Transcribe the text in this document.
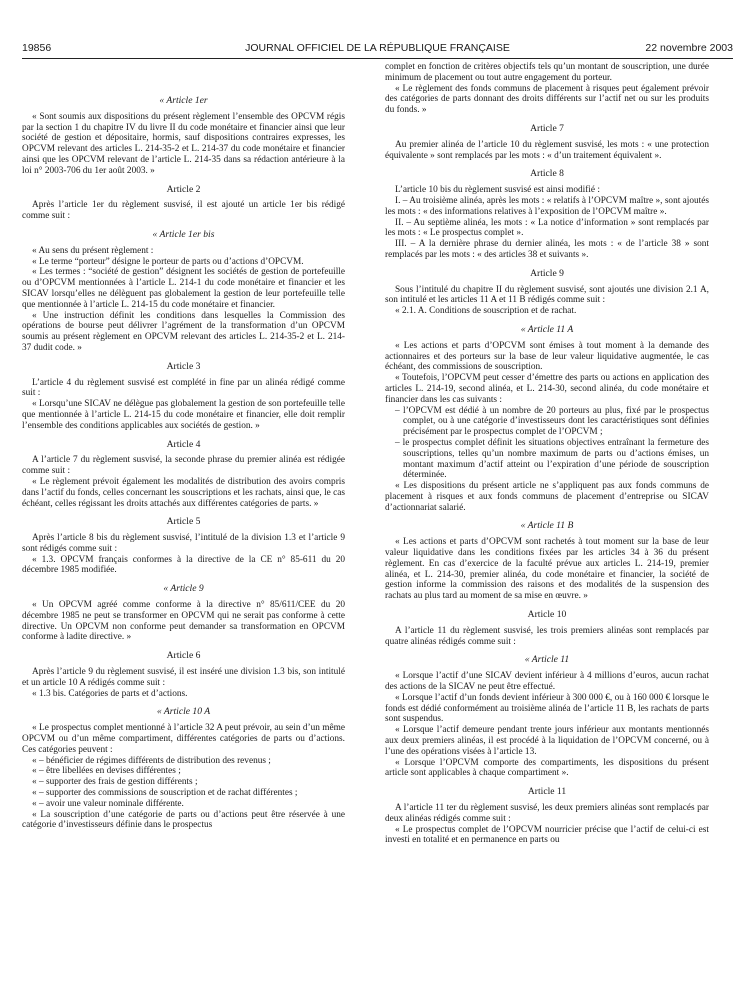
19856	JOURNAL OFFICIEL DE LA RÉPUBLIQUE FRANÇAISE	22 novembre 2003
« Article 1er

« Sont soumis aux dispositions du présent règlement l’ensemble des OPCVM régis par la section 1 du chapitre IV du livre II du code monétaire et financier ainsi que leur société de gestion et dépositaire, hormis, sauf dispositions contraires expresses, les OPCVM relevant des articles L. 214-35-2 et L. 214-37 du code monétaire et financier ainsi que les OPCVM relevant de l’article L. 214-35 dans sa rédaction antérieure à la loi n° 2003-706 du 1er août 2003. »

Article 2

Après l’article 1er du règlement susvisé, il est ajouté un article 1er bis rédigé comme suit :

« Article 1er bis

« Au sens du présent règlement :

« Le terme “porteur” désigne le porteur de parts ou d’actions d’OPCVM.

« Les termes : “société de gestion” désignent les sociétés de gestion de portefeuille ou d’OPCVM mentionnées à l’article L. 214-1 du code monétaire et financier et les SICAV lorsqu’elles ne délèguent pas globalement la gestion de leur portefeuille telle que mentionnée à l’article L. 214-15 du code monétaire et financier.

« Une instruction définit les conditions dans lesquelles la Commission des opérations de bourse peut délivrer l’agrément de la transformation d’un OPCVM soumis au présent règlement en OPCVM relevant des articles L. 214-35-2 et L. 214-37 dudit code. »

Article 3

L’article 4 du règlement susvisé est complété in fine par un alinéa rédigé comme suit :

« Lorsqu’une SICAV ne délègue pas globalement la gestion de son portefeuille telle que mentionnée à l’article L. 214-15 du code monétaire et financier, elle doit remplir l’ensemble des conditions applicables aux sociétés de gestion. »

Article 4

A l’article 7 du règlement susvisé, la seconde phrase du premier alinéa est rédigée comme suit :

« Le règlement prévoit également les modalités de distribution des avoirs compris dans l’actif du fonds, celles concernant les souscriptions et les rachats, ainsi que, le cas échéant, celles régissant les droits attachés aux différentes catégories de parts. »

Article 5

Après l’article 8 bis du règlement susvisé, l’intitulé de la division 1.3 et l’article 9 sont rédigés comme suit :

« 1.3. OPCVM français conformes à la directive de la CE n° 85-611 du 20 décembre 1985 modifiée.

« Article 9

« Un OPCVM agréé comme conforme à la directive n° 85/611/CEE du 20 décembre 1985 ne peut se transformer en OPCVM qui ne serait pas conforme à cette directive. Un OPCVM non conforme peut demander sa transformation en OPCVM conforme à ladite directive. »

Article 6

Après l’article 9 du règlement susvisé, il est inséré une division 1.3 bis, son intitulé et un article 10 A rédigés comme suit :

« 1.3 bis. Catégories de parts et d’actions.

« Article 10 A

« Le prospectus complet mentionné à l’article 32 A peut prévoir, au sein d’un même OPCVM ou d’un même compartiment, différentes catégories de parts ou d’actions. Ces catégories peuvent :

« – bénéficier de régimes différents de distribution des revenus ;

« – être libellées en devises différentes ;

« – supporter des frais de gestion différents ;

« – supporter des commissions de souscription et de rachat différentes ;

« – avoir une valeur nominale différente.

« La souscription d’une catégorie de parts ou d’actions peut être réservée à une catégorie d’investisseurs définie dans le prospectus

complet en fonction de critères objectifs tels qu’un montant de souscription, une durée minimum de placement ou tout autre engagement du porteur.

« Le règlement des fonds communs de placement à risques peut également prévoir des catégories de parts donnant des droits différents sur l’actif net ou sur les produits du fonds. »

Article 7

Au premier alinéa de l’article 10 du règlement susvisé, les mots : « une protection équivalente » sont remplacés par les mots : « d’un traitement équivalent ».

Article 8

L’article 10 bis du règlement susvisé est ainsi modifié :

I. – Au troisième alinéa, après les mots : « relatifs à l’OPCVM maître », sont ajoutés les mots : « des informations relatives à l’exposition de l’OPCVM maître ».

II. – Au septième alinéa, les mots : « La notice d’information » sont remplacés par les mots : « Le prospectus complet ».

III. – A la dernière phrase du dernier alinéa, les mots : « de l’article 38 » sont remplacés par les mots : « des articles 38 et suivants ».

Article 9

Sous l’intitulé du chapitre II du règlement susvisé, sont ajoutés une division 2.1 A, son intitulé et les articles 11 A et 11 B rédigés comme suit :

« 2.1. A. Conditions de souscription et de rachat.

« Article 11 A

« Les actions et parts d’OPCVM sont émises à tout moment à la demande des actionnaires et des porteurs sur la base de leur valeur liquidative augmentée, le cas échéant, des commissions de souscription.

« Toutefois, l’OPCVM peut cesser d’émettre des parts ou actions en application des articles L. 214-19, second alinéa, et L. 214-30, second alinéa, du code monétaire et financier dans les cas suivants :

– l’OPCVM est dédié à un nombre de 20 porteurs au plus, fixé par le prospectus complet, ou à une catégorie d’investisseurs dont les caractéristiques sont définies précisément par le prospectus complet de l’OPCVM ;

– le prospectus complet définit les situations objectives entraînant la fermeture des souscriptions, telles qu’un nombre maximum de parts ou d’actions émises, un montant maximum d’actif atteint ou l’expiration d’une période de souscription déterminée.

« Les dispositions du présent article ne s’appliquent pas aux fonds communs de placement à risques et aux fonds communs de placement d’entreprise ou SICAV d’actionnariat salarié.

« Article 11 B

« Les actions et parts d’OPCVM sont rachetés à tout moment sur la base de leur valeur liquidative dans les conditions fixées par les articles 34 à 36 du présent règlement. En cas d’exercice de la faculté prévue aux articles L. 214-19, premier alinéa, et L. 214-30, premier alinéa, du code monétaire et financier, la société de gestion informe la commission des raisons et des modalités de la suspension des rachats au plus tard au moment de sa mise en œuvre. »

Article 10

A l’article 11 du règlement susvisé, les trois premiers alinéas sont remplacés par quatre alinéas rédigés comme suit :

« Article 11

« Lorsque l’actif d’une SICAV devient inférieur à 4 millions d’euros, aucun rachat des actions de la SICAV ne peut être effectué.

« Lorsque l’actif d’un fonds devient inférieur à 300 000 €, ou à 160 000 € lorsque le fonds est dédié conformément au troisième alinéa de l’article 11 B, les rachats de parts sont suspendus.

« Lorsque l’actif demeure pendant trente jours inférieur aux montants mentionnés aux deux premiers alinéas, il est procédé à la liquidation de l’OPCVM concerné, ou à l’une des opérations visées à l’article 13.

« Lorsque l’OPCVM comporte des compartiments, les dispositions du présent article sont applicables à chaque compartiment ».

Article 11

A l’article 11 ter du règlement susvisé, les deux premiers alinéas sont remplacés par deux alinéas rédigés comme suit :

« Le prospectus complet de l’OPCVM nourricier précise que l’actif de celui-ci est investi en totalité et en permanence en parts ou
